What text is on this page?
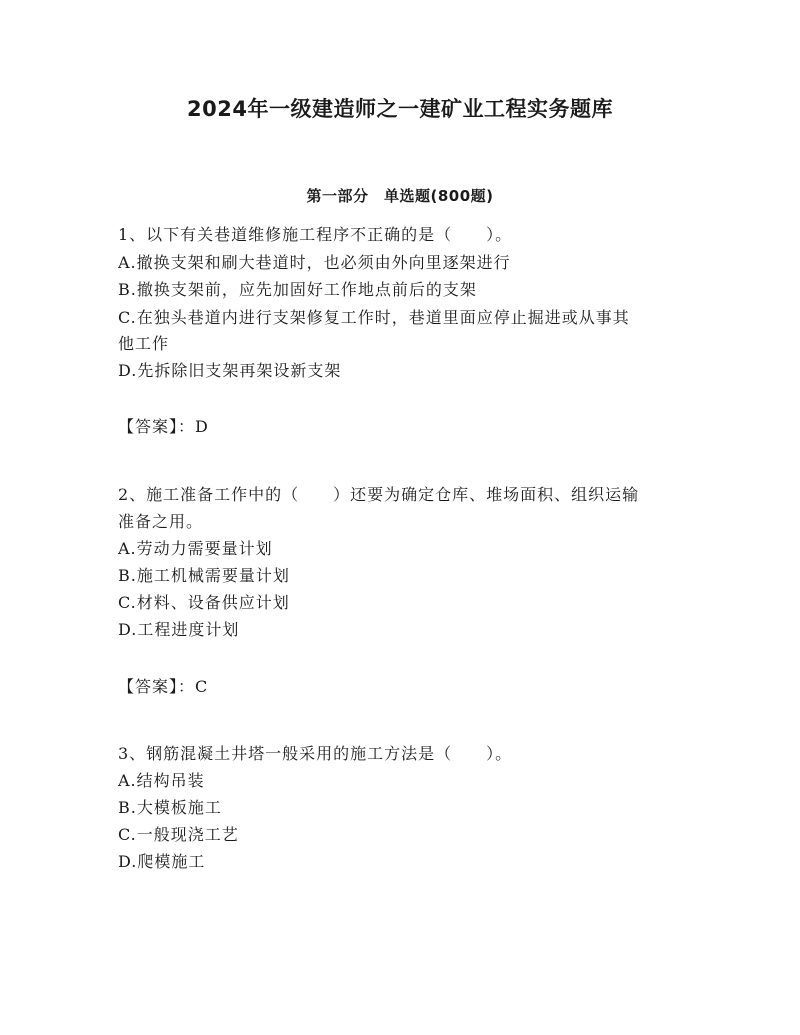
2024年一级建造师之一建矿业工程实务题库
第一部分　单选题(800题)
1、以下有关巷道维修施工程序不正确的是（　　）。
A.撤换支架和刷大巷道时，也必须由外向里逐架进行
B.撤换支架前，应先加固好工作地点前后的支架
C.在独头巷道内进行支架修复工作时，巷道里面应停止掘进或从事其
他工作
D.先拆除旧支架再架设新支架
【答案】：D
2、施工准备工作中的（　　）还要为确定仓库、堆场面积、组织运输
准备之用。
A.劳动力需要量计划
B.施工机械需要量计划
C.材料、设备供应计划
D.工程进度计划
【答案】：C
3、钢筋混凝土井塔一般采用的施工方法是（　　）。
A.结构吊装
B.大模板施工
C.一般现浇工艺
D.爬模施工
